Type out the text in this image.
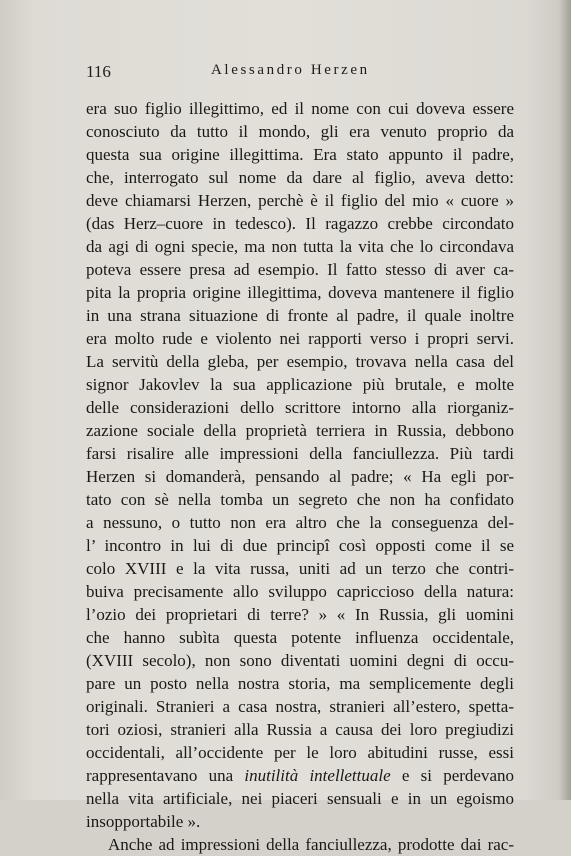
116	Alessandro Herzen
era suo figlio illegittimo, ed il nome con cui doveva essere
conosciuto da tutto il mondo, gli era venuto proprio da
questa sua origine illegittima. Era stato appunto il padre,
che, interrogato sul nome da dare al figlio, aveva detto:
deve chiamarsi Herzen, perchè è il figlio del mio « cuore »
(das Herz–cuore in tedesco). Il ragazzo crebbe circondato
da agi di ogni specie, ma non tutta la vita che lo circondava
poteva essere presa ad esempio. Il fatto stesso di aver ca-
pita la propria origine illegittima, doveva mantenere il figlio
in una strana situazione di fronte al padre, il quale inoltre
era molto rude e violento nei rapporti verso i propri servi.
La servitù della gleba, per esempio, trovava nella casa del
signor Jakovlev la sua applicazione più brutale, e molte
delle considerazioni dello scrittore intorno alla riorganiz-
zazione sociale della proprietà terriera in Russia, debbono
farsi risalire alle impressioni della fanciullezza. Più tardi
Herzen si domanderà, pensando al padre; « Ha egli por-
tato con sè nella tomba un segreto che non ha confidato
a nessuno, o tutto non era altro che la conseguenza del-
l’ incontro in lui di due principî così opposti come il se
colo XVIII e la vita russa, uniti ad un terzo che contri-
buiva precisamente allo sviluppo capriccioso della natura:
l’ozio dei proprietari di terre? » « In Russia, gli uomini
che hanno subìta questa potente influenza occidentale,
(XVIII secolo), non sono diventati uomini degni di occu-
pare un posto nella nostra storia, ma semplicemente degli
originali. Stranieri a casa nostra, stranieri all’estero, spetta-
tori oziosi, stranieri alla Russia a causa dei loro pregiudizi
occidentali, all’occidente per le loro abitudini russe, essi
rappresentavano una inutilità intellettuale e si perdevano
nella vita artificiale, nei piaceri sensuali e in un egoismo
insopportabile ».
Anche ad impressioni della fanciullezza, prodotte dai rac-
